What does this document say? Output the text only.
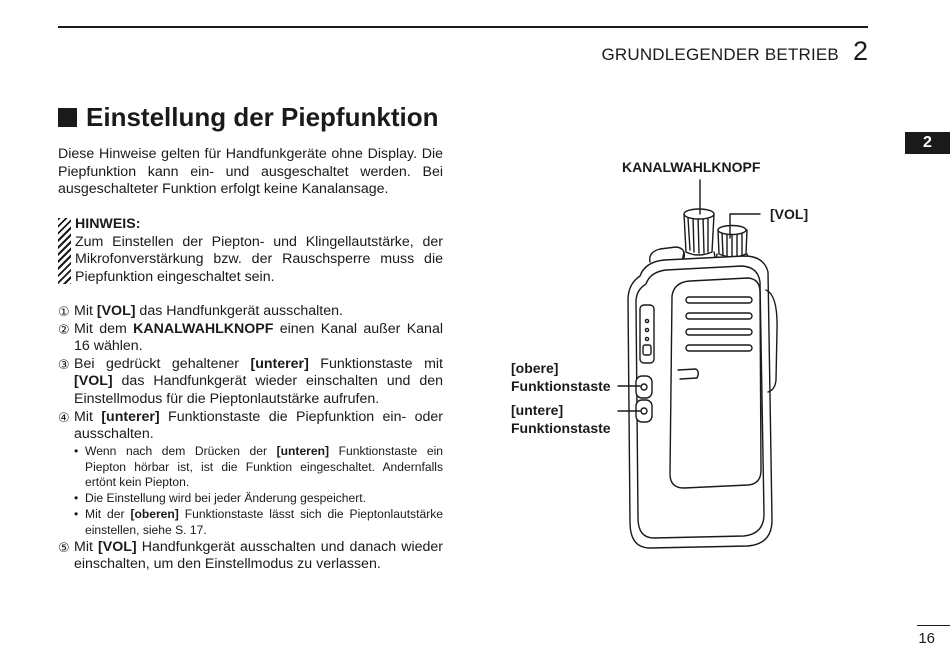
GRUNDLEGENDER BETRIEB 2
Einstellung der Piepfunktion
2

Diese Hinweise gelten für Handfunkgeräte ohne Display. Die Piepfunktion kann ein- und ausgeschaltet werden. Bei ausgeschalteter Funktion erfolgt keine Kanalansage.

HINWEIS:
Zum Einstellen der Piepton- und Klingellautstärke, der Mikrofonverstärkung bzw. der Rauschsperre muss die Piepfunktion eingeschaltet sein.
① Mit [VOL] das Handfunkgerät ausschalten.
② Mit dem KANALWAHLKNOPF einen Kanal außer Kanal 16 wählen.
③ Bei gedrückt gehaltener [unterer] Funktionstaste mit [VOL] das Handfunkgerät wieder einschalten und den Einstellmodus für die Pieptonlautstärke aufrufen.
④ Mit [unterer] Funktionstaste die Piepfunktion ein- oder ausschalten.
• Wenn nach dem Drücken der [unteren] Funktionstaste ein Piepton hörbar ist, ist die Funktion eingeschaltet. Andernfalls ertönt kein Piepton.
• Die Einstellung wird bei jeder Änderung gespeichert.
• Mit der [oberen] Funktionstaste lässt sich die Pieptonlautstärke einstellen, siehe S. 17.
⑤ Mit [VOL] Handfunkgerät ausschalten und danach wieder einschalten, um den Einstellmodus zu verlassen.
KANALWAHLKNOPF
[VOL]
[obere]
Funktionstaste
[untere]
Funktionstaste
16
